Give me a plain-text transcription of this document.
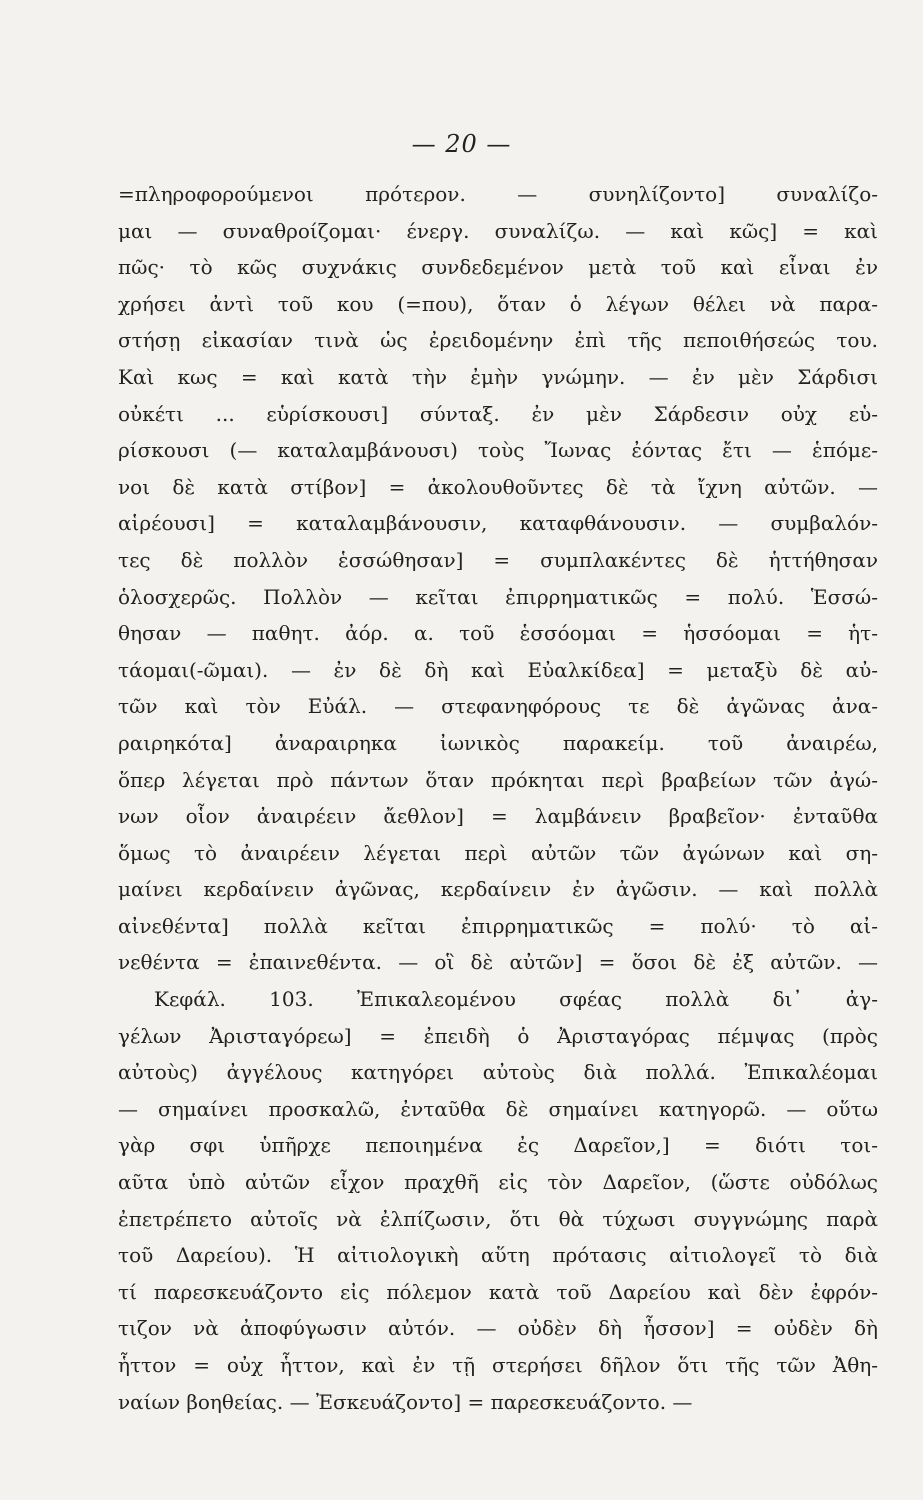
— 20 —
=πληροφορούμενοι πρότερον. — συνηλίζοντο] συναλίζο-
μαι — συναθροίζομαι· ένεργ. συναλίζω. — καὶ κῶς] = καὶ
πῶς· τὸ κῶς συχνάκις συνδεδεμένον μετὰ τοῦ καὶ εἶναι ἐν
χρήσει ἀντὶ τοῦ κου (=που), ὅταν ὁ λέγων θέλει νὰ παρα-
στήσῃ εἰκασίαν τινὰ ὡς ἐρειδομένην ἐπὶ τῆς πεποιθήσεώς του.
Καὶ κως = καὶ κατὰ τὴν ἐμὴν γνώμην. — ἐν μὲν Σάρδισι
οὐκέτι ... εὑρίσκουσι] σύνταξ. ἐν μὲν Σάρδεσιν οὐχ εὑ-
ρίσκουσι (— καταλαμβάνουσι) τοὺς Ἴωνας ἐόντας ἔτι — ἑπόμε-
νοι δὲ κατὰ στίβον] = ἀκολουθοῦντες δὲ τὰ ἴχνη αὐτῶν. —
αἱρέουσι] = καταλαμβάνουσιν, καταφθάνουσιν. — συμβαλόν-
τες δὲ πολλὸν ἑσσώθησαν] = συμπλακέντες δὲ ἡττήθησαν
ὁλοσχερῶς. Πολλὸν — κεῖται ἐπιρρηματικῶς = πολύ. Ἑσσώ-
θησαν — παθητ. ἀόρ. α. τοῦ ἑσσόομαι = ἡσσόομαι = ἡτ-
τάομαι(-ῶμαι). — ἐν δὲ δὴ καὶ Εὐαλκίδεα] = μεταξὺ δὲ αὐ-
τῶν καὶ τὸν Εὐάλ. — στεφανηφόρους τε δὲ ἀγῶνας ἀνα-
ραιρηκότα] ἀναραιρηκα ἰωνικὸς παρακείμ. τοῦ ἀναιρέω,
ὅπερ λέγεται πρὸ πάντων ὅταν πρόκηται περὶ βραβείων τῶν ἀγώ-
νων οἷον ἀναιρέειν ἄεθλον] = λαμβάνειν βραβεῖον· ἐνταῦθα
ὅμως τὸ ἀναιρέειν λέγεται περὶ αὐτῶν τῶν ἀγώνων καὶ ση-
μαίνει κερδαίνειν ἀγῶνας, κερδαίνειν ἐν ἀγῶσιν. — καὶ πολλὰ
αἰνεθέντα] πολλὰ κεῖται ἐπιρρηματικῶς = πολύ· τὸ αἰ-
νεθέντα = ἐπαινεθέντα. — οἳ δὲ αὐτῶν] = ὅσοι δὲ ἐξ αὐτῶν. —
Κεφάλ. 103. Ἐπικαλεομένου σφέας πολλὰ δι᾽ ἀγ-
γέλων Ἀρισταγόρεω] = ἐπειδὴ ὁ Ἀρισταγόρας πέμψας (πρὸς
αὐτοὺς) ἀγγέλους κατηγόρει αὐτοὺς διὰ πολλά. Ἐπικαλέομαι
— σημαίνει προσκαλῶ, ἐνταῦθα δὲ σημαίνει κατηγορῶ. — οὕτω
γὰρ σφι ὑπῆρχε πεποιημένα ἐς Δαρεῖον,] = διότι τοι-
αῦτα ὑπὸ αὐτῶν εἶχον πραχθῆ εἰς τὸν Δαρεῖον, (ὥστε οὐδόλως
ἐπετρέπετο αὐτοῖς νὰ ἐλπίζωσιν, ὅτι θὰ τύχωσι συγγνώμης παρὰ
τοῦ Δαρείου). Ἡ αἰτιολογικὴ αὕτη πρότασις αἰτιολογεῖ τὸ διὰ
τί παρεσκευάζοντο εἰς πόλεμον κατὰ τοῦ Δαρείου καὶ δὲν ἐφρόν-
τιζον νὰ ἀποφύγωσιν αὐτόν. — οὐδὲν δὴ ἧσσον] = οὐδὲν δὴ
ἧττον = οὐχ ἧττον, καὶ ἐν τῇ στερήσει δῆλον ὅτι τῆς τῶν Ἀθη-
ναίων βοηθείας. — Ἐσκευάζοντο] = παρεσκευάζοντο. —
